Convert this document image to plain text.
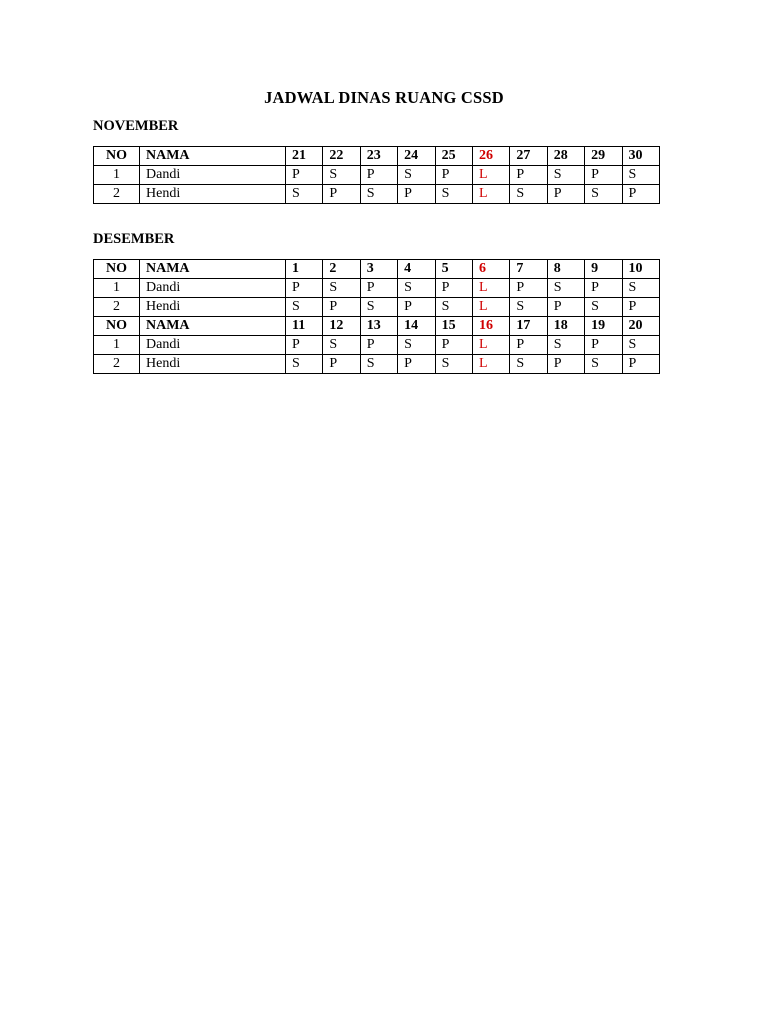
JADWAL DINAS RUANG CSSD
NOVEMBER
NO	NAMA	21	22	23	24	25	26	27	28	29	30
1	Dandi	P	S	P	S	P	L	P	S	P	S
2	Hendi	S	P	S	P	S	L	S	P	S	P
DESEMBER
NO	NAMA	1	2	3	4	5	6	7	8	9	10
1	Dandi	P	S	P	S	P	L	P	S	P	S
2	Hendi	S	P	S	P	S	L	S	P	S	P
NO	NAMA	11	12	13	14	15	16	17	18	19	20
1	Dandi	P	S	P	S	P	L	P	S	P	S
2	Hendi	S	P	S	P	S	L	S	P	S	P
